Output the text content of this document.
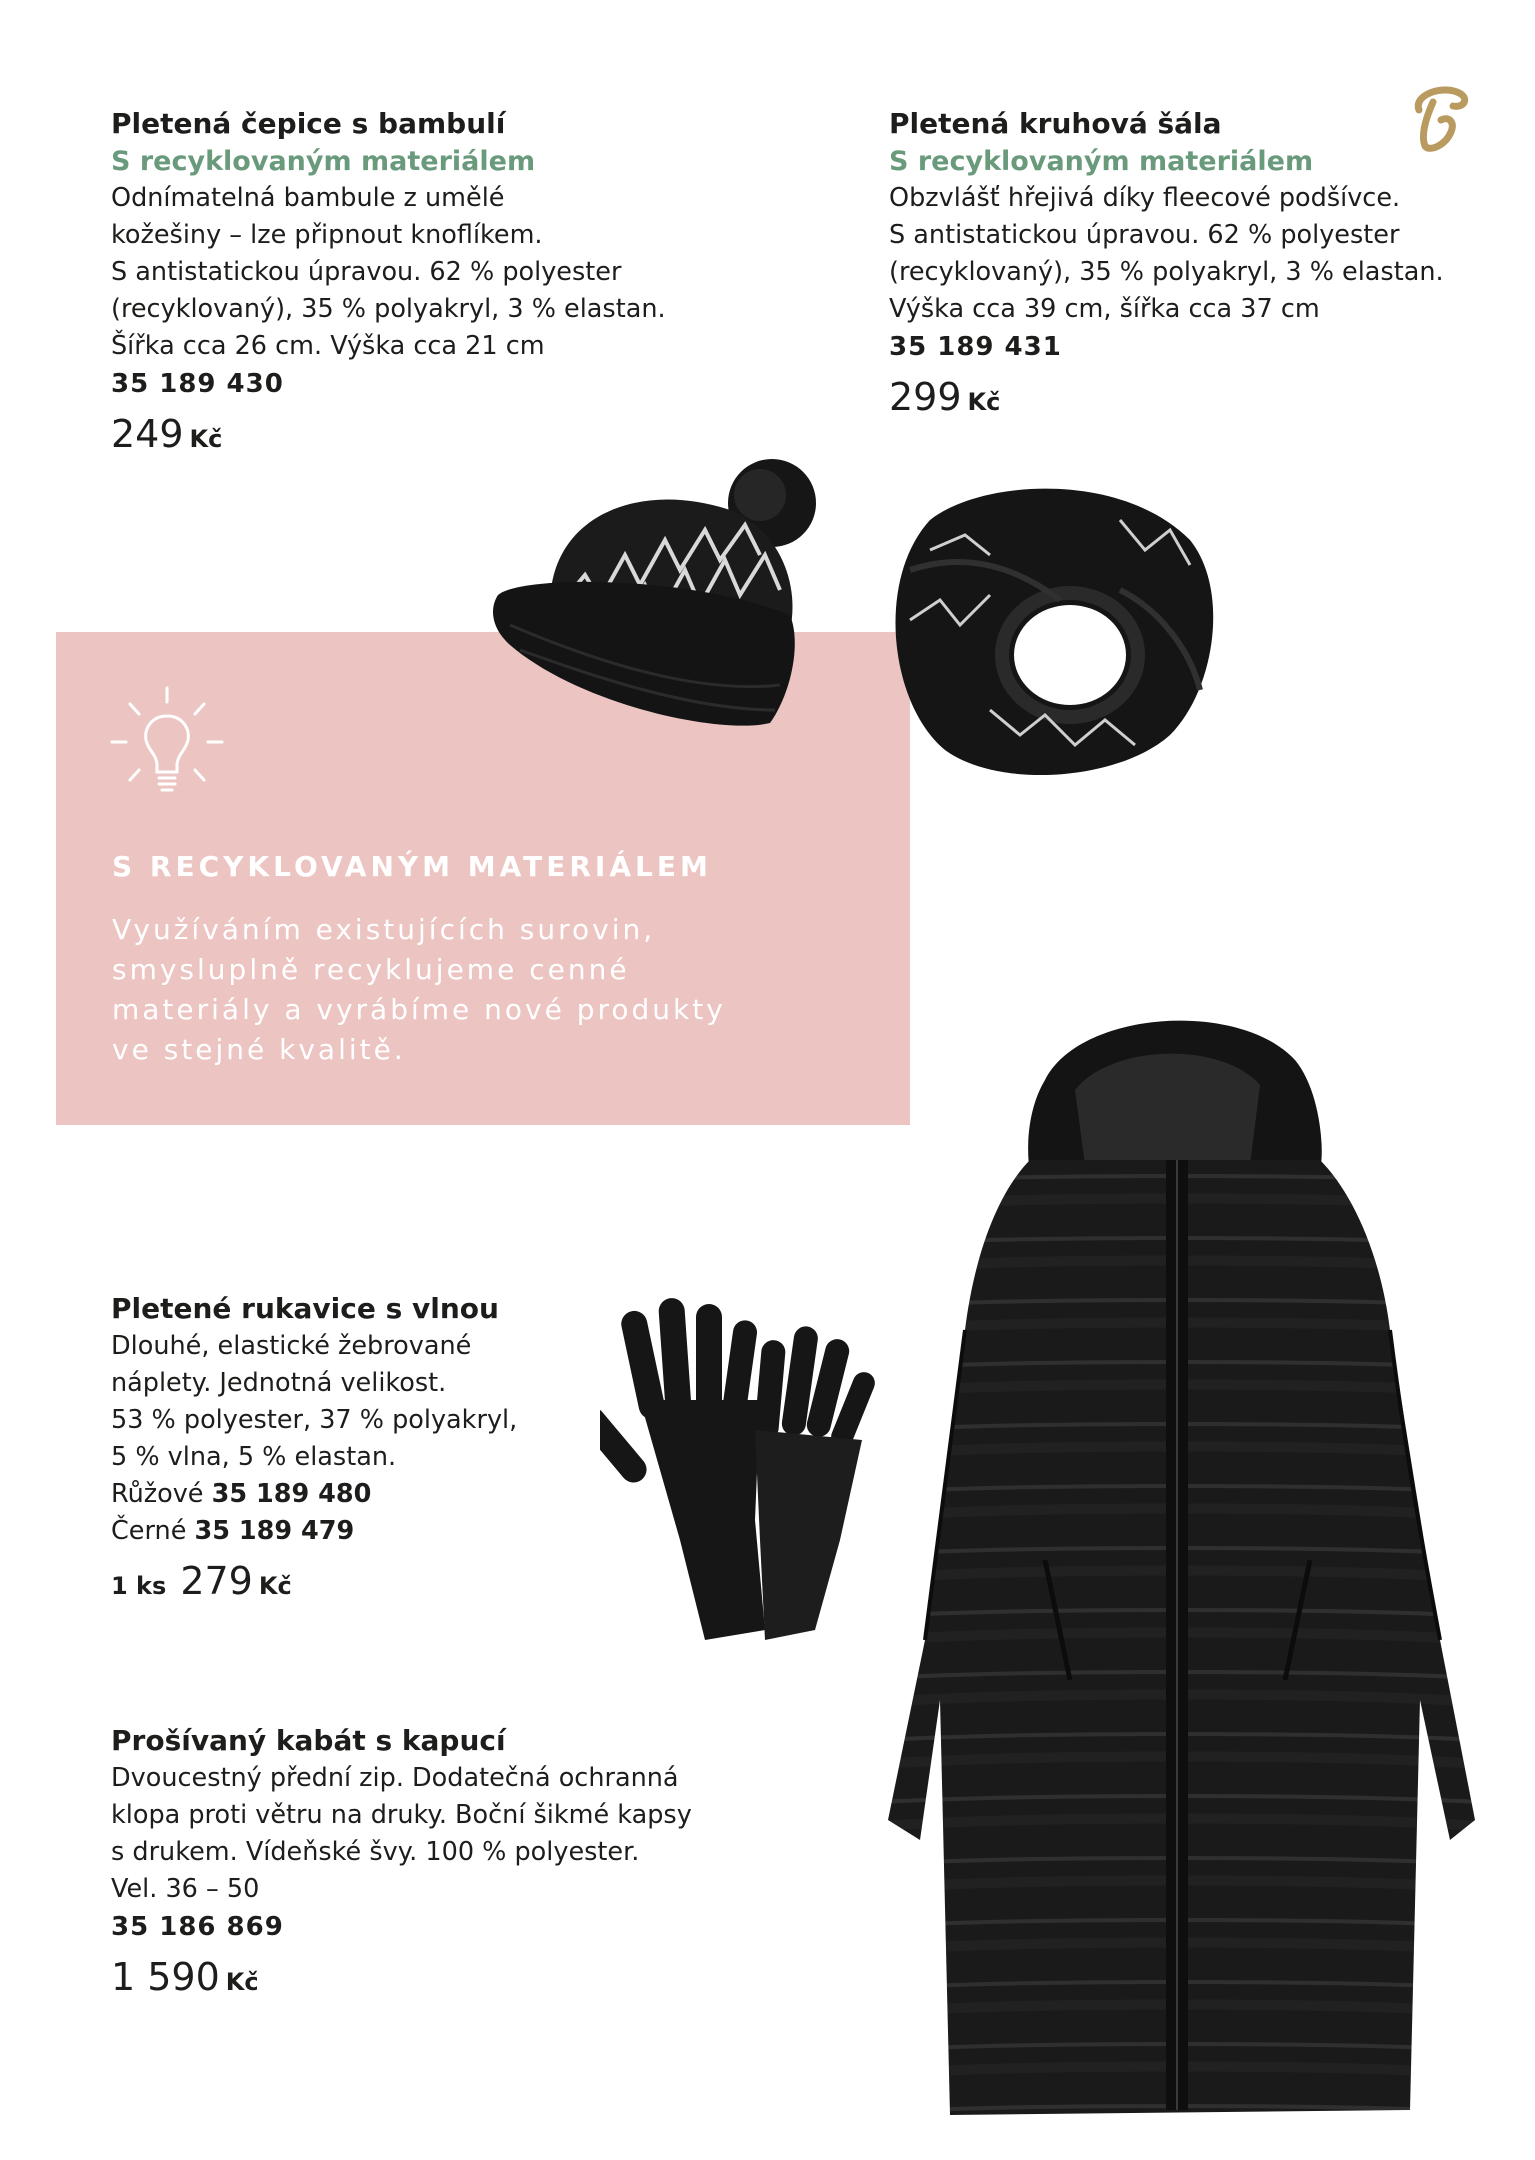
Pletená čepice s bambulí
S recyklovaným materiálem
Odnímatelná bambule z umělé
kožešiny – lze připnout knoflíkem.
S antistatickou úpravou. 62 % polyester
(recyklovaný), 35 % polyakryl, 3 % elastan.
Šířka cca 26 cm. Výška cca 21 cm
35 189 430
249 Kč
Pletená kruhová šála
S recyklovaným materiálem
Obzvlášť hřejivá díky fleecové podšívce.
S antistatickou úpravou. 62 % polyester
(recyklovaný), 35 % polyakryl, 3 % elastan.
Výška cca 39 cm, šířka cca 37 cm
35 189 431
299 Kč
S RECYKLOVANÝM MATERIÁLEM
Využíváním existujících surovin,
smysluplně recyklujeme cenné
materiály a vyrábíme nové produkty
ve stejné kvalitě.
Pletené rukavice s vlnou
Dlouhé, elastické žebrované
náplety. Jednotná velikost.
53 % polyester, 37 % polyakryl,
5 % vlna, 5 % elastan.
Růžové 35 189 480
Černé 35 189 479
1 ks 279 Kč
Prošívaný kabát s kapucí
Dvoucestný přední zip. Dodatečná ochranná
klopa proti větru na druky. Boční šikmé kapsy
s drukem. Vídeňské švy. 100 % polyester.
Vel. 36 – 50
35 186 869
1 590 Kč
